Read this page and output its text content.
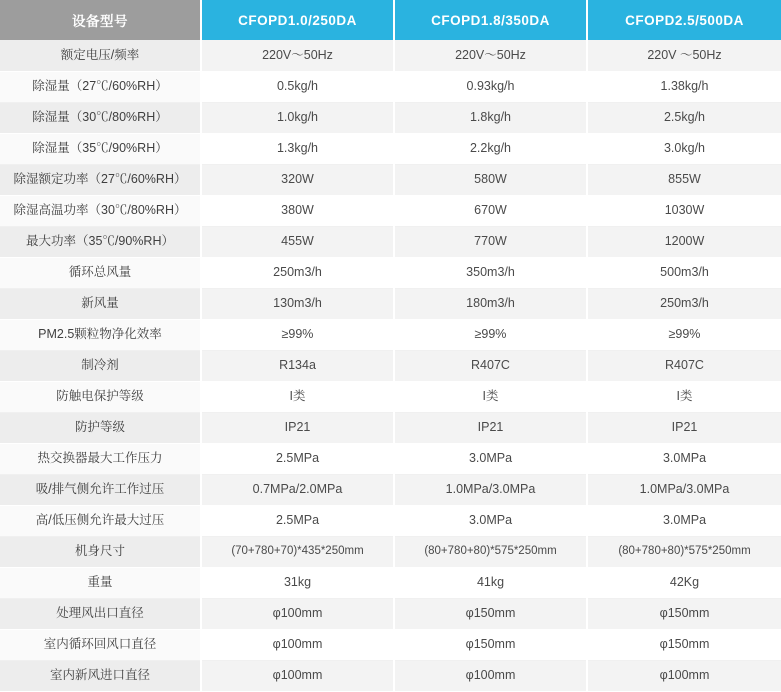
设备型号	CFOPD1.0/250DA	CFOPD1.8/350DA	CFOPD2.5/500DA
额定电压/频率	220V～50Hz	220V～50Hz	220V ～50Hz
除湿量（27℃/60%RH）	0.5kg/h	0.93kg/h	1.38kg/h
除湿量（30℃/80%RH）	1.0kg/h	1.8kg/h	2.5kg/h
除湿量（35℃/90%RH）	1.3kg/h	2.2kg/h	3.0kg/h
除湿额定功率（27℃/60%RH）	320W	580W	855W
除湿高温功率（30℃/80%RH）	380W	670W	1030W
最大功率（35℃/90%RH）	455W	770W	1200W
循环总风量	250m3/h	350m3/h	500m3/h
新风量	130m3/h	180m3/h	250m3/h
PM2.5颗粒物净化效率	≥99%	≥99%	≥99%
制冷剂	R134a	R407C	R407C
防触电保护等级	I类	I类	I类
防护等级	IP21	IP21	IP21
热交换器最大工作压力	2.5MPa	3.0MPa	3.0MPa
吸/排气侧允许工作过压	0.7MPa/2.0MPa	1.0MPa/3.0MPa	1.0MPa/3.0MPa
高/低压侧允许最大过压	2.5MPa	3.0MPa	3.0MPa
机身尺寸	(70+780+70)*435*250mm	(80+780+80)*575*250mm	(80+780+80)*575*250mm
重量	31kg	41kg	42Kg
处理风出口直径	φ100mm	φ150mm	φ150mm
室内循环回风口直径	φ100mm	φ150mm	φ150mm
室内新风进口直径	φ100mm	φ100mm	φ100mm
